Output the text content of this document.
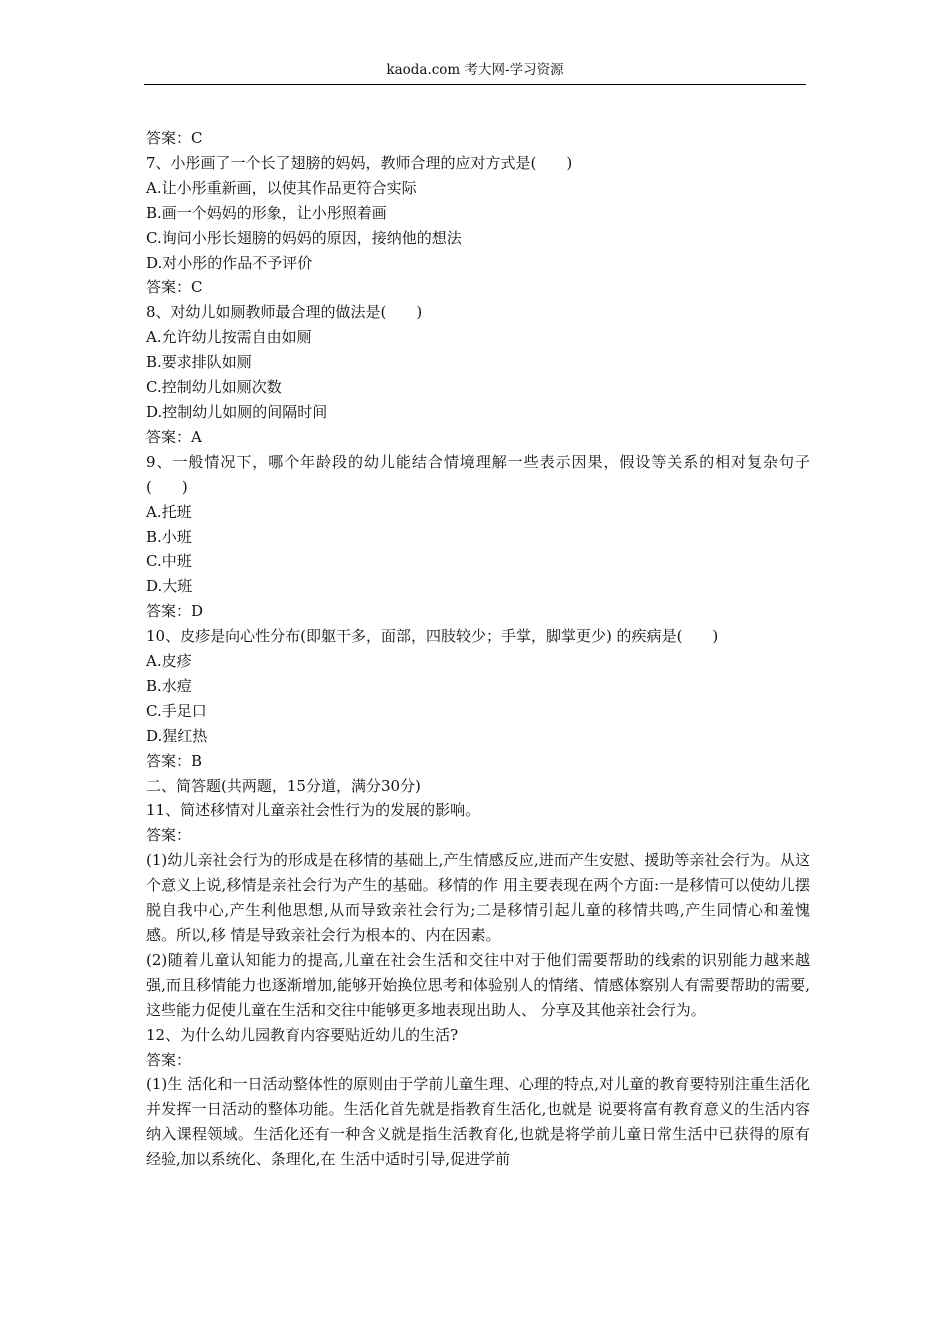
kaoda.com 考大网-学习资源
答案：C
7、小彤画了一个长了翅膀的妈妈，教师合理的应对方式是(　　)
A.让小彤重新画，以使其作品更符合实际
B.画一个妈妈的形象，让小彤照着画
C.询问小彤长翅膀的妈妈的原因，接纳他的想法
D.对小彤的作品不予评价
答案：C
8、对幼儿如厕教师最合理的做法是(　　)
A.允许幼儿按需自由如厕
B.要求排队如厕
C.控制幼儿如厕次数
D.控制幼儿如厕的间隔时间
答案：A
9、一般情况下，哪个年龄段的幼儿能结合情境理解一些表示因果，假设等关系的相对复杂句子(　　)
A.托班
B.小班
C.中班
D.大班
答案：D
10、皮疹是向心性分布(即躯干多，面部，四肢较少；手掌，脚掌更少) 的疾病是(　　)
A.皮疹
B.水痘
C.手足口
D.猩红热
答案：B
二、简答题(共两题，15分道，满分30分)
11、简述移情对儿童亲社会性行为的发展的影响。
答案：
(1)幼儿亲社会行为的形成是在移情的基础上,产生情感反应,进而产生安慰、援助等亲社会行为。从这个意义上说,移情是亲社会行为产生的基础。移情的作 用主要表现在两个方面:一是移情可以使幼儿摆脱自我中心,产生利他思想,从而导致亲社会行为;二是移情引起儿童的移情共鸣,产生同情心和羞愧感。所以,移 情是导致亲社会行为根本的、内在因素。
(2)随着儿童认知能力的提高,儿童在社会生活和交往中对于他们需要帮助的线索的识别能力越来越 强,而且移情能力也逐渐增加,能够开始换位思考和体验别人的情绪、情感体察别人有需要帮助的需要,这些能力促使儿童在生活和交往中能够更多地表现出助人、 分享及其他亲社会行为。
12、为什么幼儿园教育内容要贴近幼儿的生活?
答案：
(1)生 活化和一日活动整体性的原则由于学前儿童生理、心理的特点,对儿童的教育要特别注重生活化并发挥一日活动的整体功能。生活化首先就是指教育生活化,也就是 说要将富有教育意义的生活内容纳入课程领域。生活化还有一种含义就是指生活教育化,也就是将学前儿童日常生活中已获得的原有经验,加以系统化、条理化,在 生活中适时引导,促进学前
